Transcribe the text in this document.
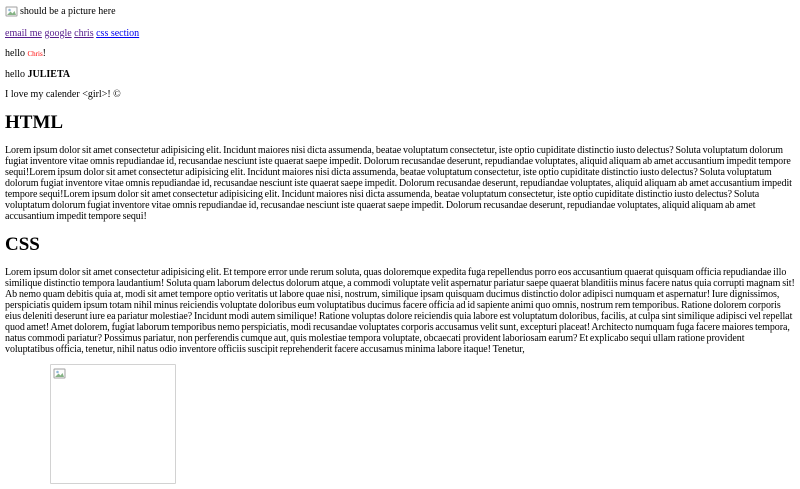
should be a picture here

email me google chris css section

hello Chris!

hello JULIETA

I love my calender <girl>! ©

HTML

Lorem ipsum dolor sit amet consectetur adipisicing elit. Incidunt maiores nisi dicta assumenda, beatae voluptatum consectetur, iste optio cupiditate distinctio iusto delectus? Soluta voluptatum dolorum fugiat inventore vitae omnis repudiandae id, recusandae nesciunt iste quaerat saepe impedit. Dolorum recusandae deserunt, repudiandae voluptates, aliquid aliquam ab amet accusantium impedit tempore sequi!Lorem ipsum dolor sit amet consectetur adipisicing elit. Incidunt maiores nisi dicta assumenda, beatae voluptatum consectetur, iste optio cupiditate distinctio iusto delectus? Soluta voluptatum dolorum fugiat inventore vitae omnis repudiandae id, recusandae nesciunt iste quaerat saepe impedit. Dolorum recusandae deserunt, repudiandae voluptates, aliquid aliquam ab amet accusantium impedit tempore sequi!Lorem ipsum dolor sit amet consectetur adipisicing elit. Incidunt maiores nisi dicta assumenda, beatae voluptatum consectetur, iste optio cupiditate distinctio iusto delectus? Soluta voluptatum dolorum fugiat inventore vitae omnis repudiandae id, recusandae nesciunt iste quaerat saepe impedit. Dolorum recusandae deserunt, repudiandae voluptates, aliquid aliquam ab amet accusantium impedit tempore sequi!

CSS

Lorem ipsum dolor sit amet consectetur adipisicing elit. Et tempore error unde rerum soluta, quas doloremque expedita fuga repellendus porro eos accusantium quaerat quisquam officia repudiandae illo similique distinctio tempora laudantium! Soluta quam laborum delectus dolorum atque, a commodi voluptate velit aspernatur pariatur saepe quaerat blanditiis minus facere natus quia corrupti magnam sit! Ab nemo quam debitis quia at, modi sit amet tempore optio veritatis ut labore quae nisi, nostrum, similique ipsam quisquam ducimus distinctio dolor adipisci numquam et aspernatur! Iure dignissimos, perspiciatis quidem ipsum totam nihil minus reiciendis voluptate doloribus eum voluptatibus ducimus facere officia ad id sapiente animi quo omnis, nostrum rem temporibus. Ratione dolorem corporis eius deleniti deserunt iure ea pariatur molestiae? Incidunt modi autem similique! Ratione voluptas dolore reiciendis quia labore est voluptatum doloribus, facilis, at culpa sint similique adipisci vel repellat quod amet! Amet dolorem, fugiat laborum temporibus nemo perspiciatis, modi recusandae voluptates corporis accusamus velit sunt, excepturi placeat! Architecto numquam fuga facere maiores tempora, natus commodi pariatur? Possimus pariatur, non perferendis cumque aut, quis molestiae tempora voluptate, obcaecati provident laboriosam earum? Et explicabo sequi ullam ratione provident voluptatibus officia, tenetur, nihil natus odio inventore officiis suscipit reprehenderit facere accusamus minima labore itaque! Tenetur,
